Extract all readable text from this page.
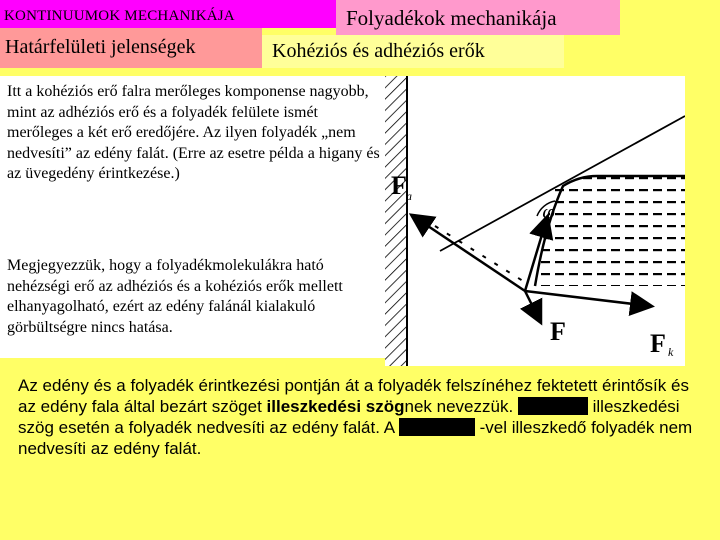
KONTINUUMOK MECHANIKÁJA	Folyadékok mechanikája
Határfelületi jelenségek	Kohéziós és adhéziós erők
Itt a kohéziós erő falra merőleges komponense nagyobb, mint az adhéziós erő és a folyadék felülete ismét merőleges a két erő eredőjére. Az ilyen folyadék „nem nedvesíti” az edény falát. (Erre az esetre példa a higany és az üvegedény érintkezése.)
Megjegyezzük, hogy a folyadékmolekulákra ható nehézségi erő az adhéziós és a kohéziós erők mellett elhanyagolható, ezért az edény falánál kialakuló görbültségre nincs hatása.
F a
φ
F	F k
Az edény és a folyadék érintkezési pontján át a folyadék felszínéhez fektetett érintősík és az edény fala által bezárt szöget illeszkedési szögnek nevezzük.	illeszkedési szög esetén a folyadék nedvesíti az edény falát. A	-vel illeszkedő folyadék nem nedvesíti az edény falát.
